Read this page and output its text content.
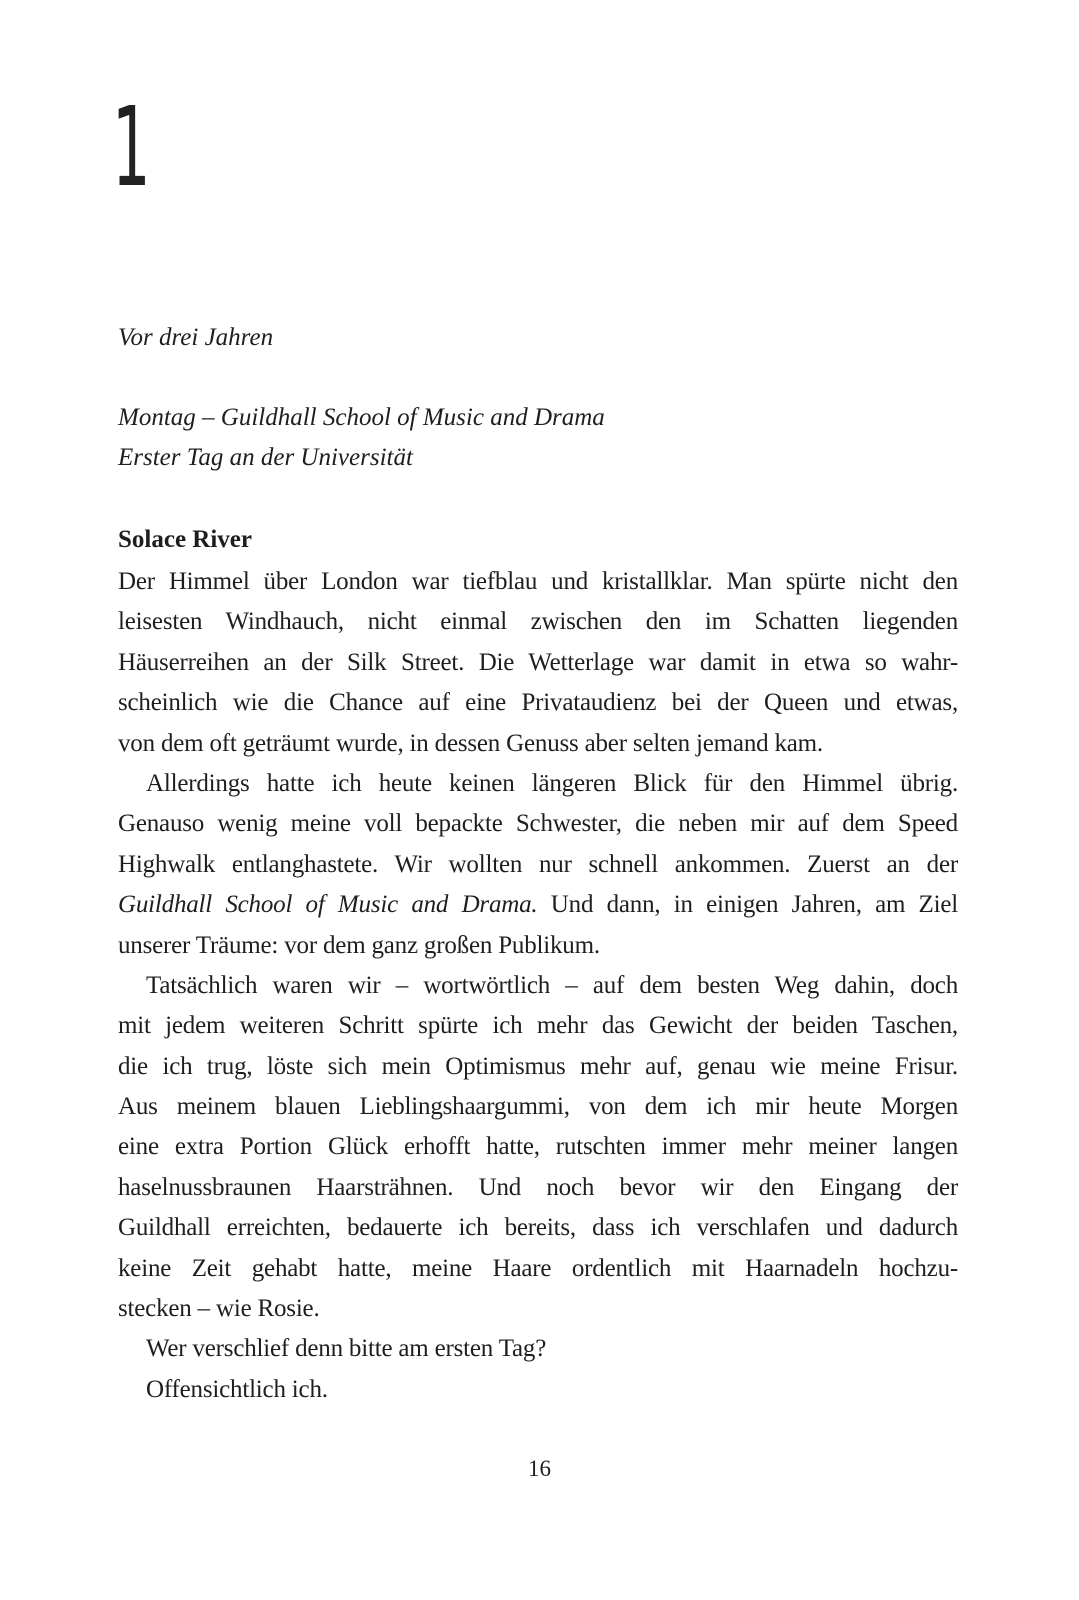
1
Vor drei Jahren
Montag – Guildhall School of Music and Drama
Erster Tag an der Universität
Solace River
Der Himmel über London war tiefblau und kristallklar. Man spürte nicht den
leisesten Windhauch, nicht einmal zwischen den im Schatten liegenden
Häuserreihen an der Silk Street. Die Wetterlage war damit in etwa so wahr-
scheinlich wie die Chance auf eine Privataudienz bei der Queen und etwas,
von dem oft geträumt wurde, in dessen Genuss aber selten jemand kam.
Allerdings hatte ich heute keinen längeren Blick für den Himmel übrig.
Genauso wenig meine voll bepackte Schwester, die neben mir auf dem Speed
Highwalk entlanghastete. Wir wollten nur schnell ankommen. Zuerst an der
Guildhall School of Music and Drama. Und dann, in einigen Jahren, am Ziel
unserer Träume: vor dem ganz großen Publikum.
Tatsächlich waren wir – wortwörtlich – auf dem besten Weg dahin, doch
mit jedem weiteren Schritt spürte ich mehr das Gewicht der beiden Taschen,
die ich trug, löste sich mein Optimismus mehr auf, genau wie meine Frisur.
Aus meinem blauen Lieblingshaargummi, von dem ich mir heute Morgen
eine extra Portion Glück erhofft hatte, rutschten immer mehr meiner langen
haselnussbraunen Haarsträhnen. Und noch bevor wir den Eingang der
Guildhall erreichten, bedauerte ich bereits, dass ich verschlafen und dadurch
keine Zeit gehabt hatte, meine Haare ordentlich mit Haarnadeln hochzu-
stecken – wie Rosie.
Wer verschlief denn bitte am ersten Tag?
Offensichtlich ich.
16
